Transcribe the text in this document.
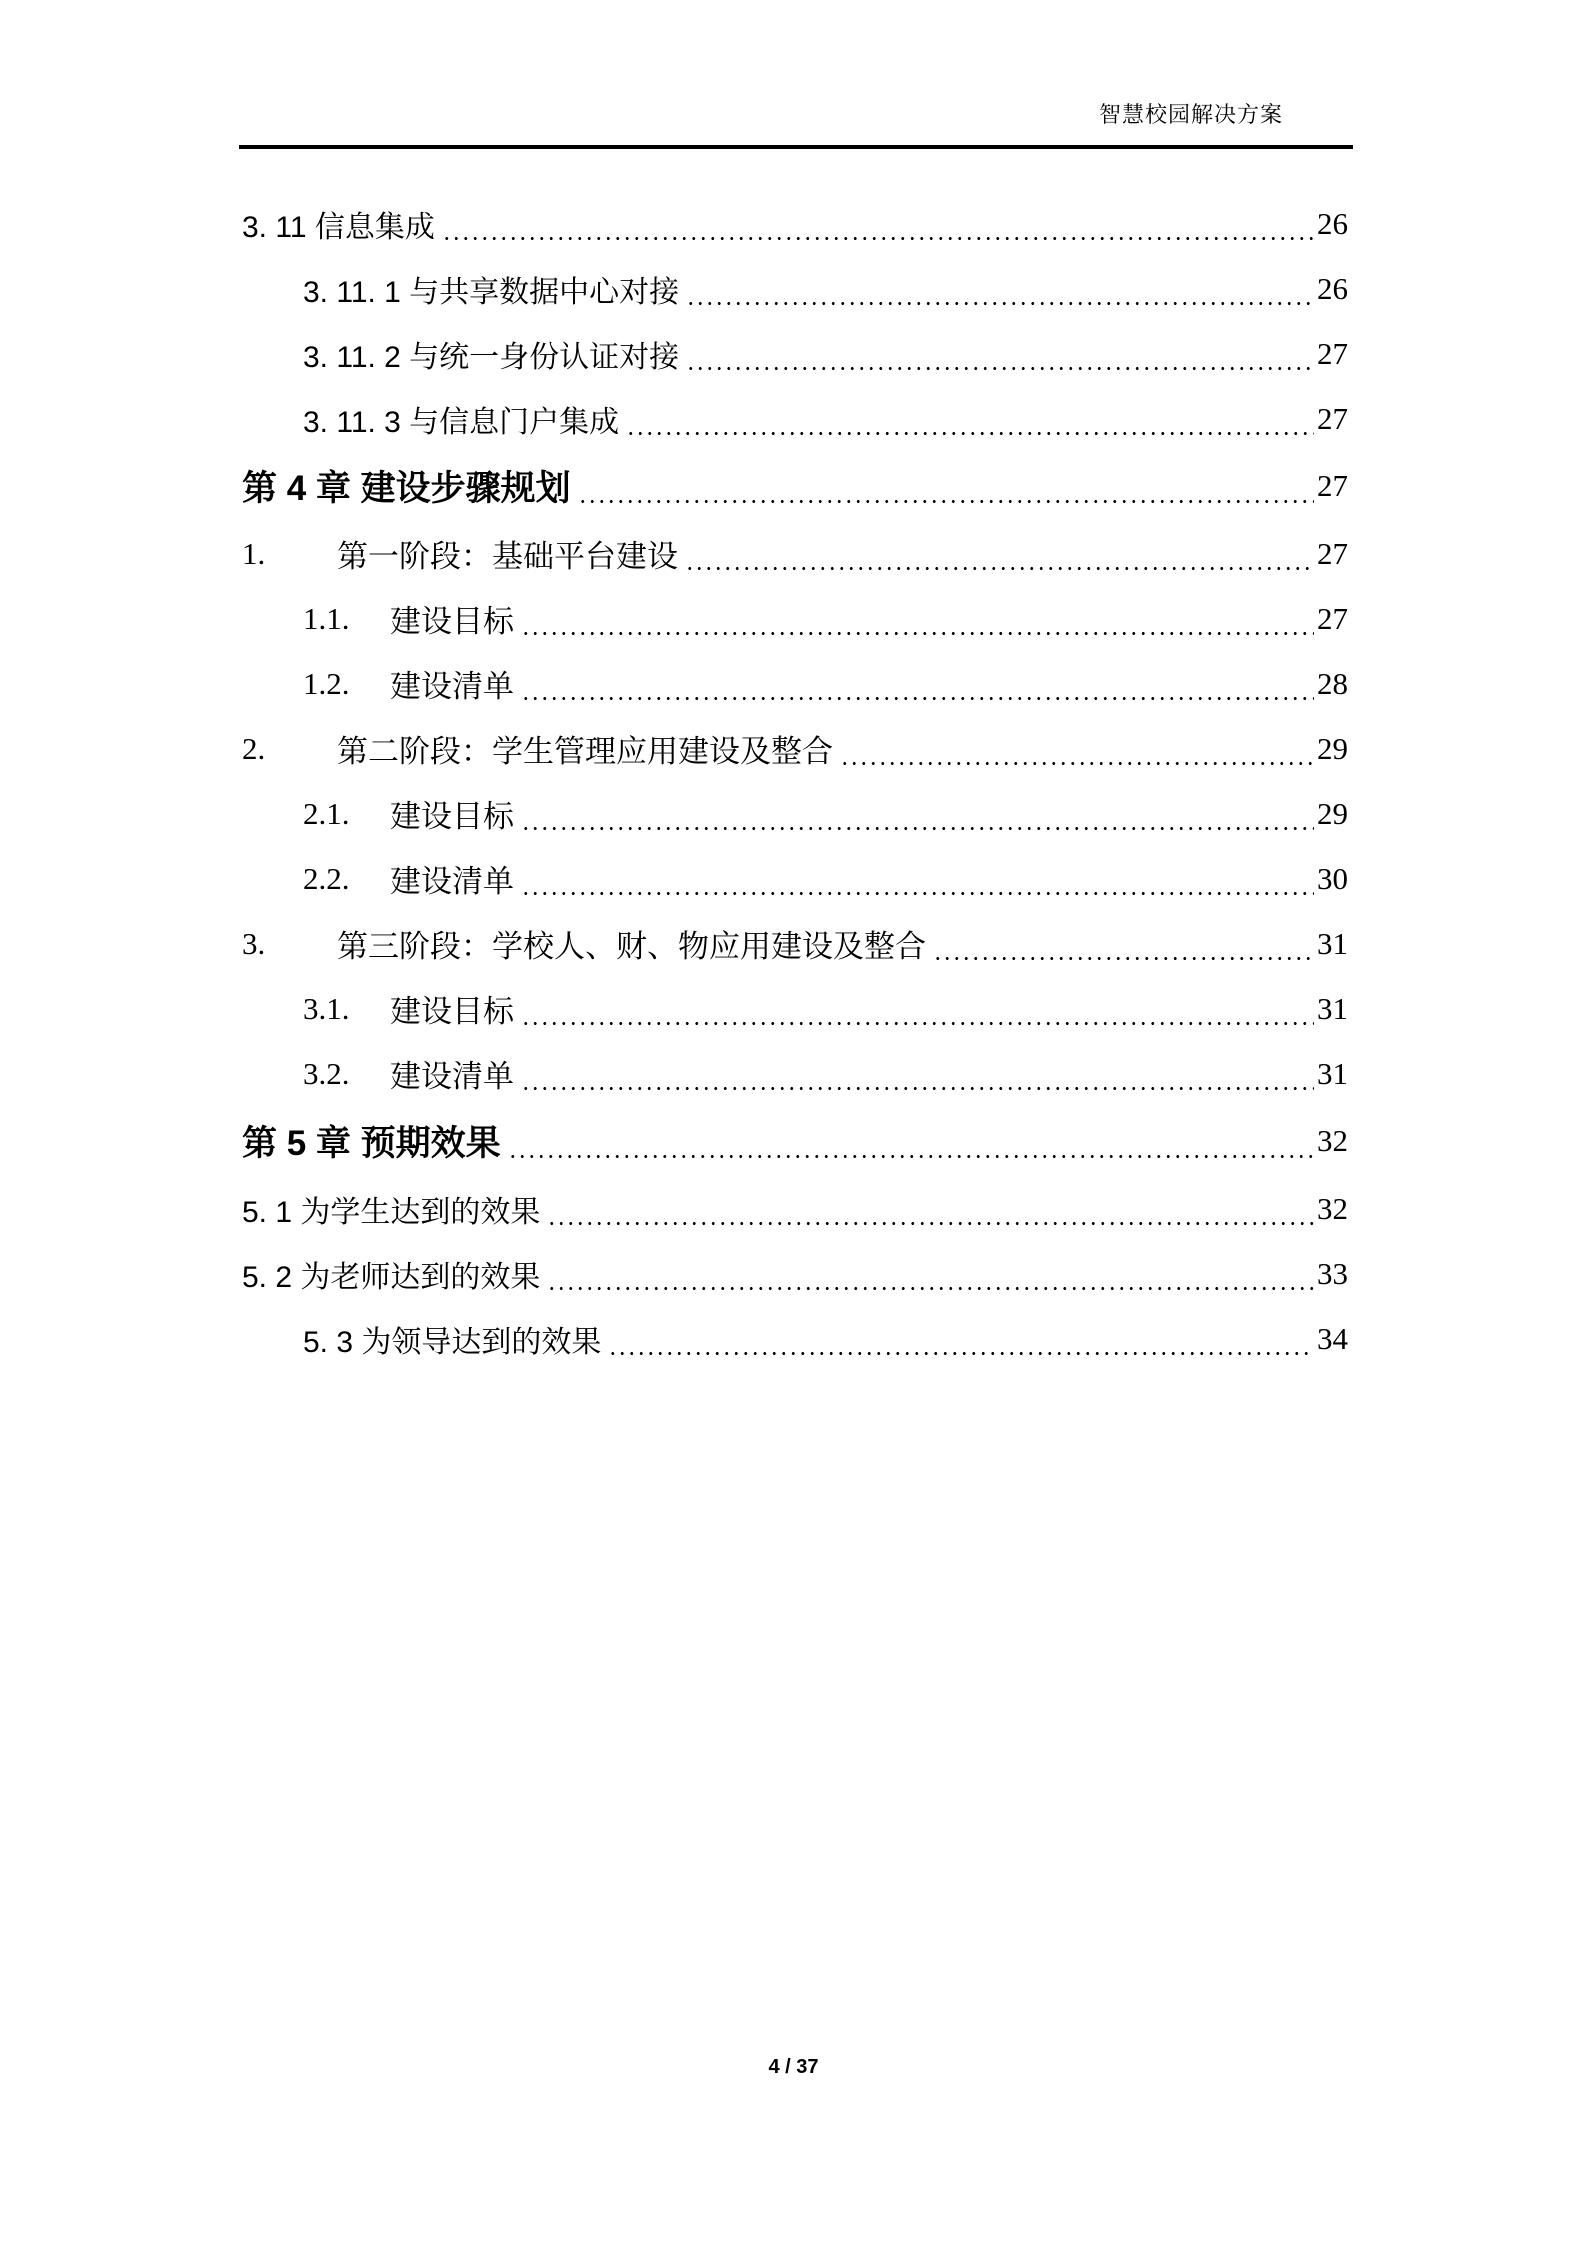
智慧校园解决方案
3. 11 信息集成	26
3. 11. 1 与共享数据中心对接	26
3. 11. 2 与统一身份认证对接	27
3. 11. 3 与信息门户集成	27
第 4 章 建设步骤规划	27
1.	第一阶段：基础平台建设	27
1.1.	建设目标	27
1.2.	建设清单	28
2.	第二阶段：学生管理应用建设及整合	29
2.1.	建设目标	29
2.2.	建设清单	30
3.	第三阶段：学校人、财、物应用建设及整合	31
3.1.	建设目标	31
3.2.	建设清单	31
第 5 章 预期效果	32
5. 1 为学生达到的效果	32
5. 2 为老师达到的效果	33
5. 3 为领导达到的效果	34
4 / 37
